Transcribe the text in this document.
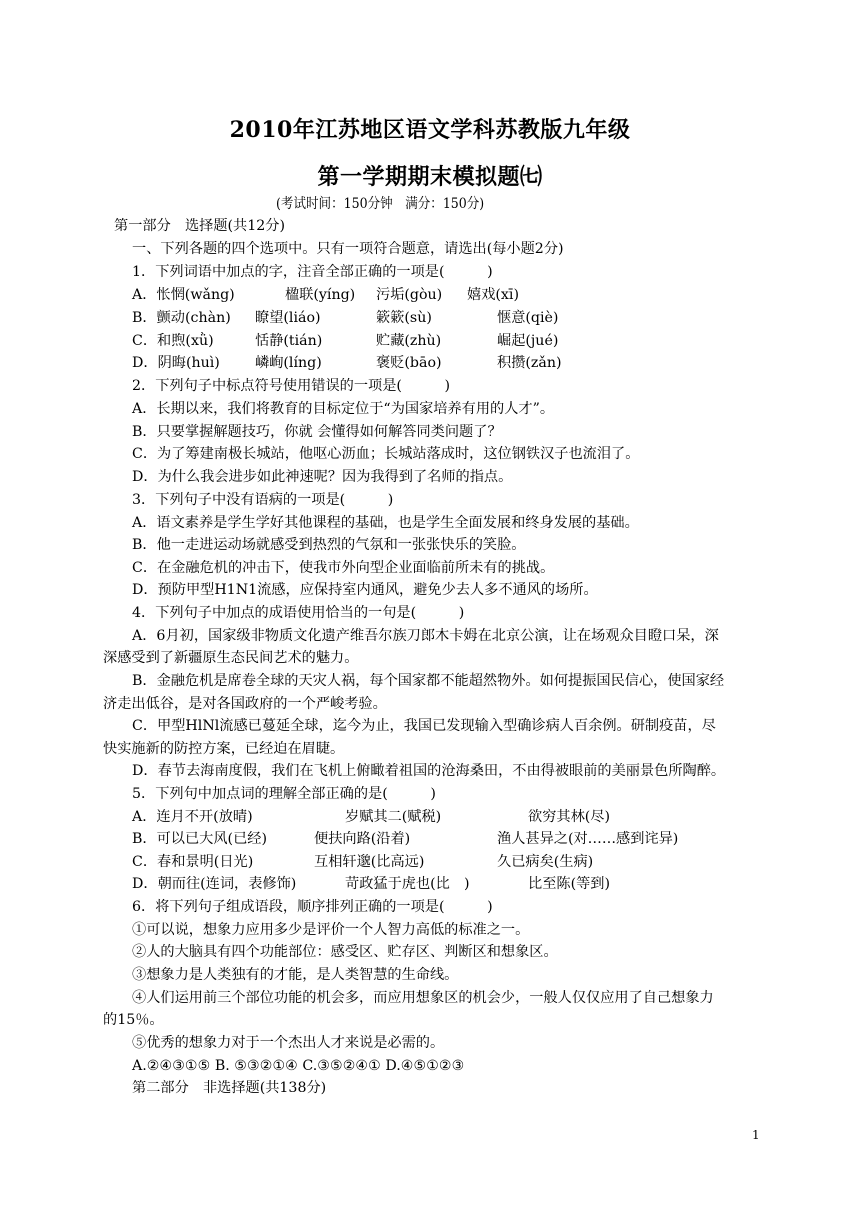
2010年江苏地区语文学科苏教版九年级
第一学期期末模拟题㈦
(考试时间：150分钟　满分：150分)
第一部分　选择题(共12分)
一、下列各题的四个选项中。只有一项符合题意，请选出(每小题2分)
1．下列词语中加点的字，注音全部正确的一项是(　　　)
A．怅惘(wǎng)	楹联(yíng) 污垢(gòu) 嬉戏(xī)
B．颤动(chàn) 瞭望(liáo)	簌簌(sù)	惬意(qiè)
C．和煦(xǜ)	恬静(tián)	贮藏(zhù)	崛起(jué)
D．阴晦(huì) 嶙峋(líng)	褒贬(bāo)	积攒(zǎn)
2．下列句子中标点符号使用错误的一项是(　　　)
A．长期以来，我们将教育的目标定位于“为国家培养有用的人才”。
B．只要掌握解题技巧，你就 会懂得如何解答同类问题了？
C．为了筹建南极长城站，他呕心沥血；长城站落成时，这位钢铁汉子也流泪了。
D．为什么我会进步如此神速呢？因为我得到了名师的指点。
3．下列句子中没有语病的一项是(　　　)
A．语文素养是学生学好其他课程的基础，也是学生全面发展和终身发展的基础。
B．他一走进运动场就感受到热烈的气氛和一张张快乐的笑脸。
C．在金融危机的冲击下，使我市外向型企业面临前所未有的挑战。
D．预防甲型H1N1流感，应保持室内通风，避免少去人多不通风的场所。
4．下列句子中加点的成语使用恰当的一句是(　　　)
A．6月初，国家级非物质文化遗产维吾尔族刀郎木卡姆在北京公演，让在场观众目瞪口呆，深
深感受到了新疆原生态民间艺术的魅力。
B．金融危机是席卷全球的天灾人祸，每个国家都不能超然物外。如何提振国民信心，使国家经
济走出低谷，是对各国政府的一个严峻考验。
C．甲型HlNl流感已蔓延全球，迄今为止，我国已发现输入型确诊病人百余例。研制疫苗，尽
快实施新的防控方案，已经迫在眉睫。
D．春节去海南度假，我们在飞机上俯瞰着祖国的沧海桑田，不由得被眼前的美丽景色所陶醉。
5．下列句中加点词的理解全部正确的是(　　　)
A．连月不开(放晴)	岁赋其二(赋税)	欲穷其林(尽)
B．可以已大风(已经)	便扶向路(沿着)	渔人甚异之(对……感到诧异)
C．春和景明(日光)	互相轩邈(比高远)	久已病矣(生病)
D．朝而往(连词，表修饰)	苛政猛于虎也(比　)	比至陈(等到)
6．将下列句子组成语段，顺序排列正确的一项是(　　　)
①可以说，想象力应用多少是评价一个人智力高低的标准之一。
②人的大脑具有四个功能部位：感受区、贮存区、判断区和想象区。
③想象力是人类独有的才能，是人类智慧的生命线。
④人们运用前三个部位功能的机会多，而应用想象区的机会少，一般人仅仅应用了自己想象力
的15％。
⑤优秀的想象力对于一个杰出人才来说是必需的。
A.②④③①⑤ B. ⑤③②①④ C.③⑤②④① D.④⑤①②③
第二部分　非选择题(共138分)
1
